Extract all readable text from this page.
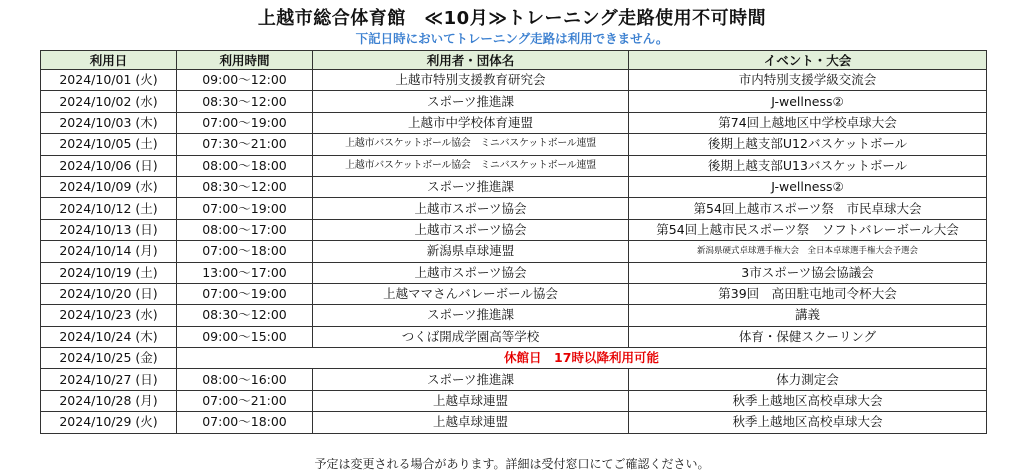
上越市総合体育館　≪10月≫トレーニング走路使用不可時間
下記日時においてトレーニング走路は利用できません。
利用日	利用時間	利用者・団体名	イベント・大会
2024/10/01 (火)	09:00～12:00	上越市特別支援教育研究会	市内特別支援学級交流会
2024/10/02 (水)	08:30～12:00	スポーツ推進課	J-wellness②
2024/10/03 (木)	07:00～19:00	上越市中学校体育連盟	第74回上越地区中学校卓球大会
2024/10/05 (土)	07:30～21:00	上越市バスケットボール協会　ミニバスケットボール連盟	後期上越支部U12バスケットボール
2024/10/06 (日)	08:00～18:00	上越市バスケットボール協会　ミニバスケットボール連盟	後期上越支部U13バスケットボール
2024/10/09 (水)	08:30～12:00	スポーツ推進課	J-wellness②
2024/10/12 (土)	07:00～19:00	上越市スポーツ協会	第54回上越市スポーツ祭　市民卓球大会
2024/10/13 (日)	08:00～17:00	上越市スポーツ協会	第54回上越市民スポーツ祭　ソフトバレーボール大会
2024/10/14 (月)	07:00～18:00	新潟県卓球連盟	新潟県硬式卓球選手権大会　全日本卓球選手権大会予選会
2024/10/19 (土)	13:00～17:00	上越市スポーツ協会	3市スポーツ協会協議会
2024/10/20 (日)	07:00～19:00	上越ママさんバレーボール協会	第39回　高田駐屯地司令杯大会
2024/10/23 (水)	08:30～12:00	スポーツ推進課	講義
2024/10/24 (木)	09:00～15:00	つくば開成学園高等学校	体育・保健スクーリング
2024/10/25 (金)	休館日　17時以降利用可能		
2024/10/27 (日)	08:00～16:00	スポーツ推進課	体力測定会
2024/10/28 (月)	07:00～21:00	上越卓球連盟	秋季上越地区高校卓球大会
2024/10/29 (火)	07:00～18:00	上越卓球連盟	秋季上越地区高校卓球大会
予定は変更される場合があります。詳細は受付窓口にてご確認ください。
